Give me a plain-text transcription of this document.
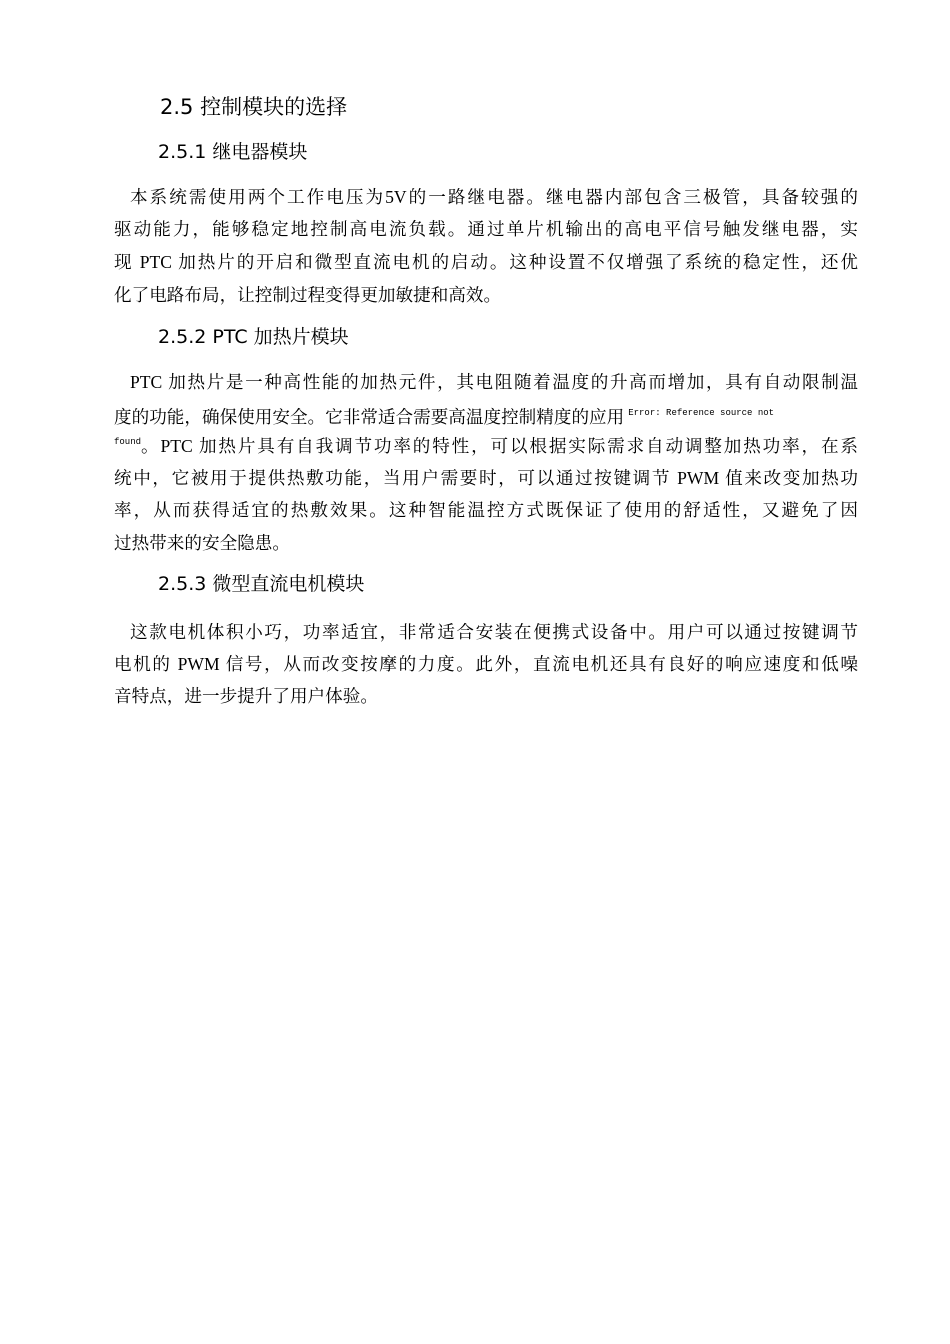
2.5 控制模块的选择
2.5.1 继电器模块
本系统需使用两个工作电压为5V的一路继电器。继电器内部包含三极管，具备较强的
驱动能力，能够稳定地控制高电流负载。通过单片机输出的高电平信号触发继电器，实
现 PTC 加热片的开启和微型直流电机的启动。这种设置不仅增强了系统的稳定性，还优
化了电路布局，让控制过程变得更加敏捷和高效。
2.5.2 PTC 加热片模块
PTC 加热片是一种高性能的加热元件，其电阻随着温度的升高而增加，具有自动限制温
度的功能，确保使用安全。它非常适合需要高温度控制精度的应用 $^{Error: Reference source not}$
found 。PTC 加热片具有自我调节功率的特性，可以根据实际需求自动调整加热功率，在系
统中，它被用于提供热敷功能，当用户需要时，可以通过按键调节 PWM 值来改变加热功
率，从而获得适宜的热敷效果。这种智能温控方式既保证了使用的舒适性，又避免了因
过热带来的安全隐患。
2.5.3 微型直流电机模块
这款电机体积小巧，功率适宜，非常适合安装在便携式设备中。用户可以通过按键调节
电机的 PWM 信号，从而改变按摩的力度。此外，直流电机还具有良好的响应速度和低噪
音特点，进一步提升了用户体验。
